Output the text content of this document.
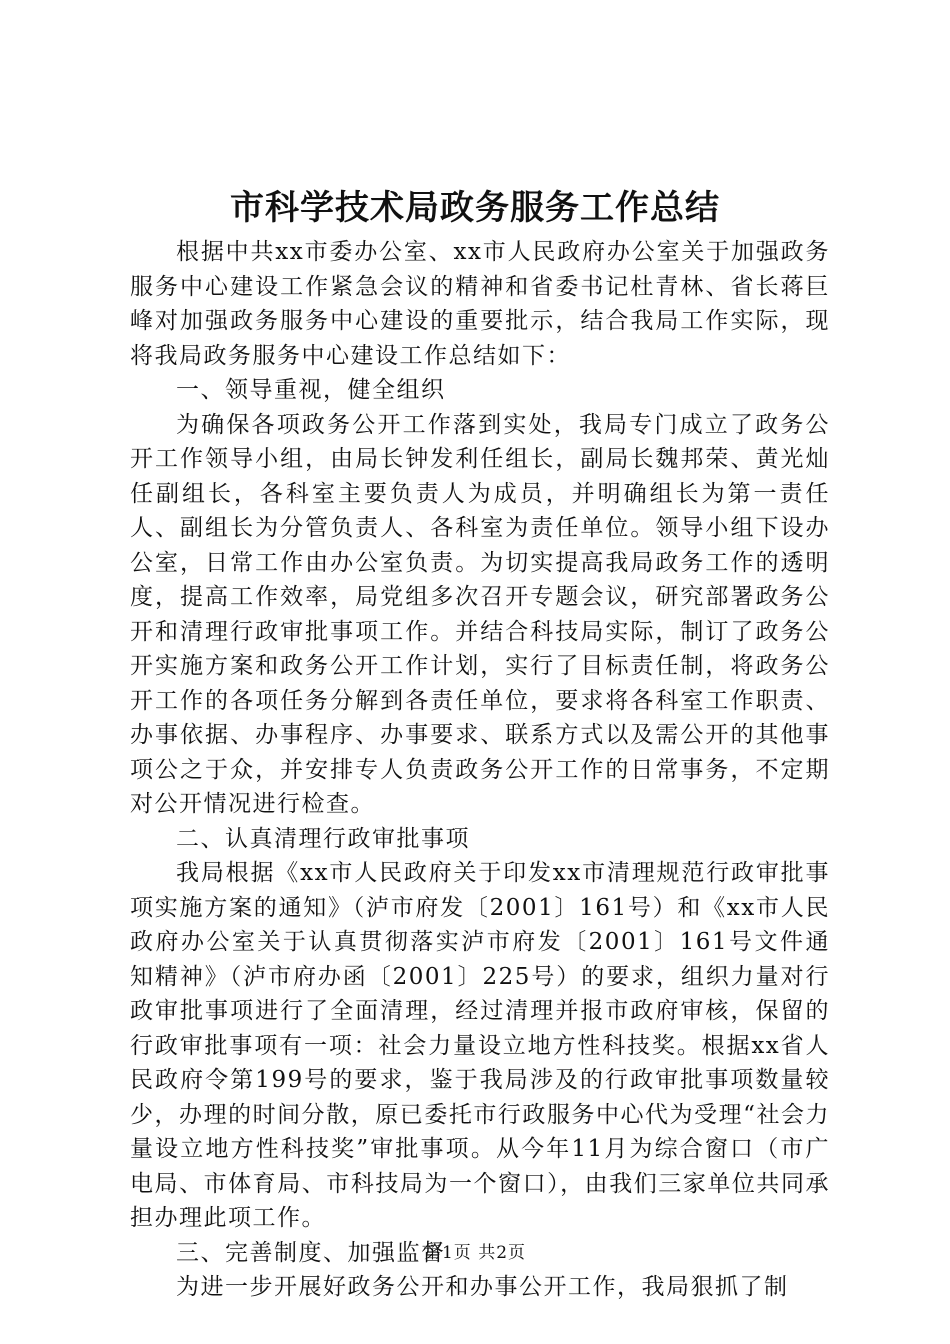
市科学技术局政务服务工作总结

根据中共xx市委办公室、xx市人民政府办公室关于加强政务服务中心建设工作紧急会议的精神和省委书记杜青林、省长蒋巨峰对加强政务服务中心建设的重要批示，结合我局工作实际，现将我局政务服务中心建设工作总结如下：

一、领导重视，健全组织

为确保各项政务公开工作落到实处，我局专门成立了政务公开工作领导小组，由局长钟发利任组长，副局长魏邦荣、黄光灿任副组长，各科室主要负责人为成员，并明确组长为第一责任人、副组长为分管负责人、各科室为责任单位。领导小组下设办公室，日常工作由办公室负责。为切实提高我局政务工作的透明度，提高工作效率，局党组多次召开专题会议，研究部署政务公开和清理行政审批事项工作。并结合科技局实际，制订了政务公开实施方案和政务公开工作计划，实行了目标责任制，将政务公开工作的各项任务分解到各责任单位，要求将各科室工作职责、办事依据、办事程序、办事要求、联系方式以及需公开的其他事项公之于众，并安排专人负责政务公开工作的日常事务，不定期对公开情况进行检查。

二、认真清理行政审批事项

我局根据《xx市人民政府关于印发xx市清理规范行政审批事项实施方案的通知》（泸市府发〔2001〕161号）和《xx市人民政府办公室关于认真贯彻落实泸市府发〔2001〕161号文件通知精神》（泸市府办函〔2001〕225号）的要求，组织力量对行政审批事项进行了全面清理，经过清理并报市政府审核，保留的行政审批事项有一项：社会力量设立地方性科技奖。根据xx省人民政府令第199号的要求，鉴于我局涉及的行政审批事项数量较少，办理的时间分散，原已委托市行政服务中心代为受理“社会力量设立地方性科技奖”审批事项。从今年11月为综合窗口（市广电局、市体育局、市科技局为一个窗口），由我们三家单位共同承担办理此项工作。

三、完善制度、加强监督

为进一步开展好政务公开和办事公开工作，我局狠抓了制

第1页 共2页
